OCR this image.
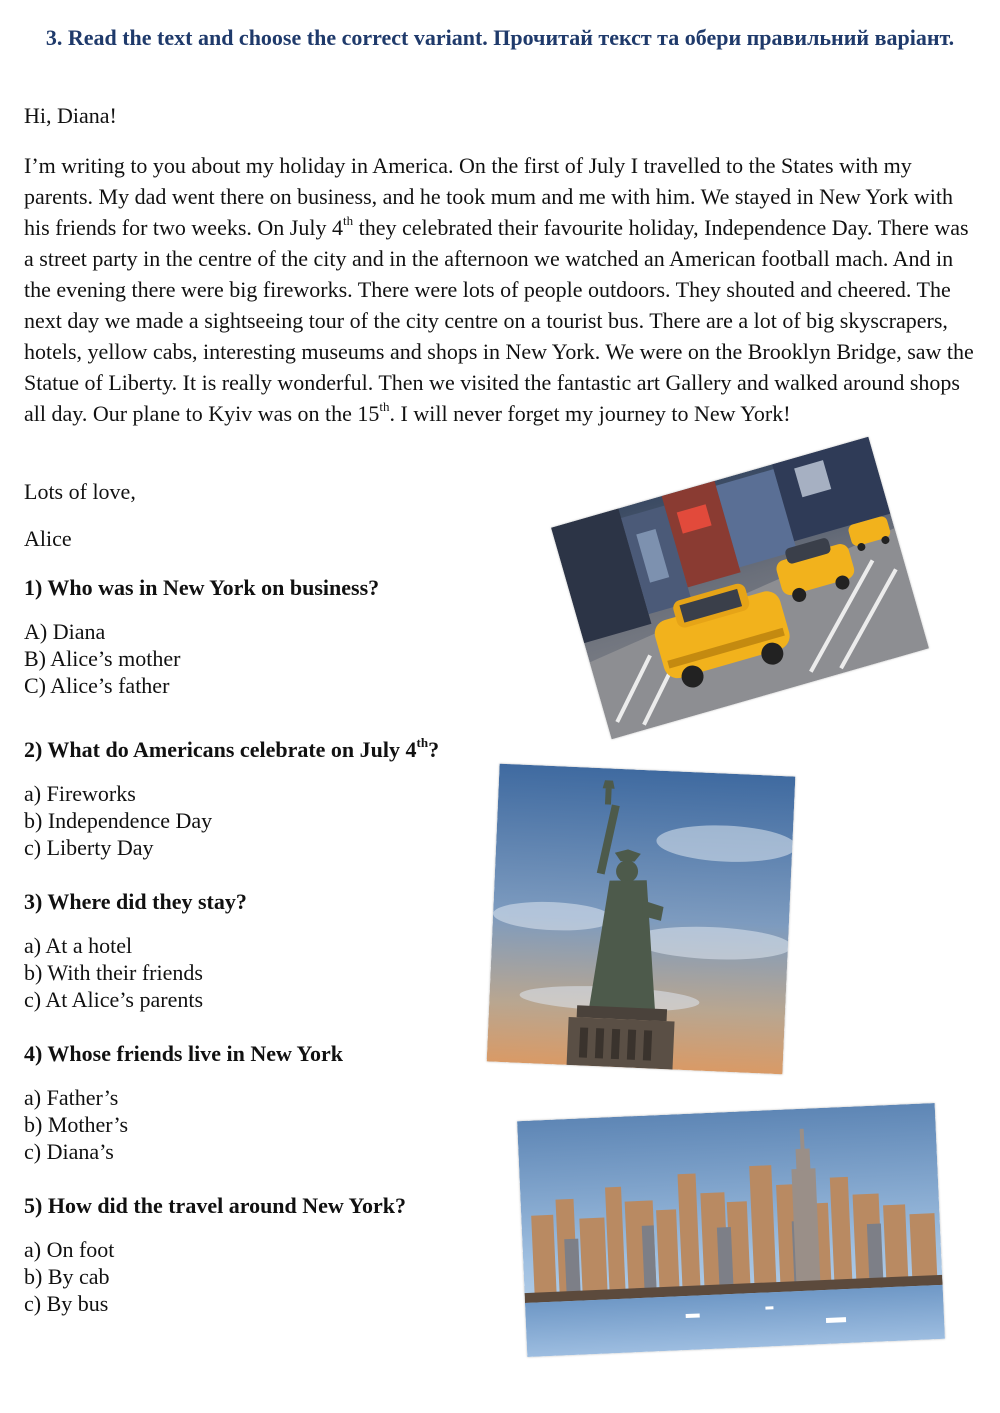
3. Read the text and choose the correct variant. Прочитай текст та обери правильний варіант.

Hi, Diana!

I’m writing to you about my holiday in America. On the first of July I travelled to the States with my parents. My dad went there on business, and he took mum and me with him. We stayed in New York with his friends for two weeks. On July 4th they celebrated their favourite holiday, Independence Day. There was a street party in the centre of the city and in the afternoon we watched an American football mach. And in the evening there were big fireworks. There were lots of people outdoors. They shouted and cheered. The next day we made a sightseeing tour of the city centre on a tourist bus. There are a lot of big skyscrapers, hotels, yellow cabs, interesting museums and shops in New York. We were on the Brooklyn Bridge, saw the Statue of Liberty. It is really wonderful. Then we visited the fantastic art Gallery and walked around shops all day. Our plane to Kyiv was on the 15th. I will never forget my journey to New York!

Lots of love,

Alice

1) Who was in New York on business?

A) Diana
B) Alice’s mother
C) Alice’s father

2) What do Americans celebrate on July 4th?

a) Fireworks
b) Independence Day
c) Liberty Day

3) Where did they stay?

a) At a hotel
b) With their friends
c) At Alice’s parents

4) Whose friends live in New York

a) Father’s
b) Mother’s
c) Diana’s

5) How did the travel around New York?

a) On foot
b) By cab
c) By bus
